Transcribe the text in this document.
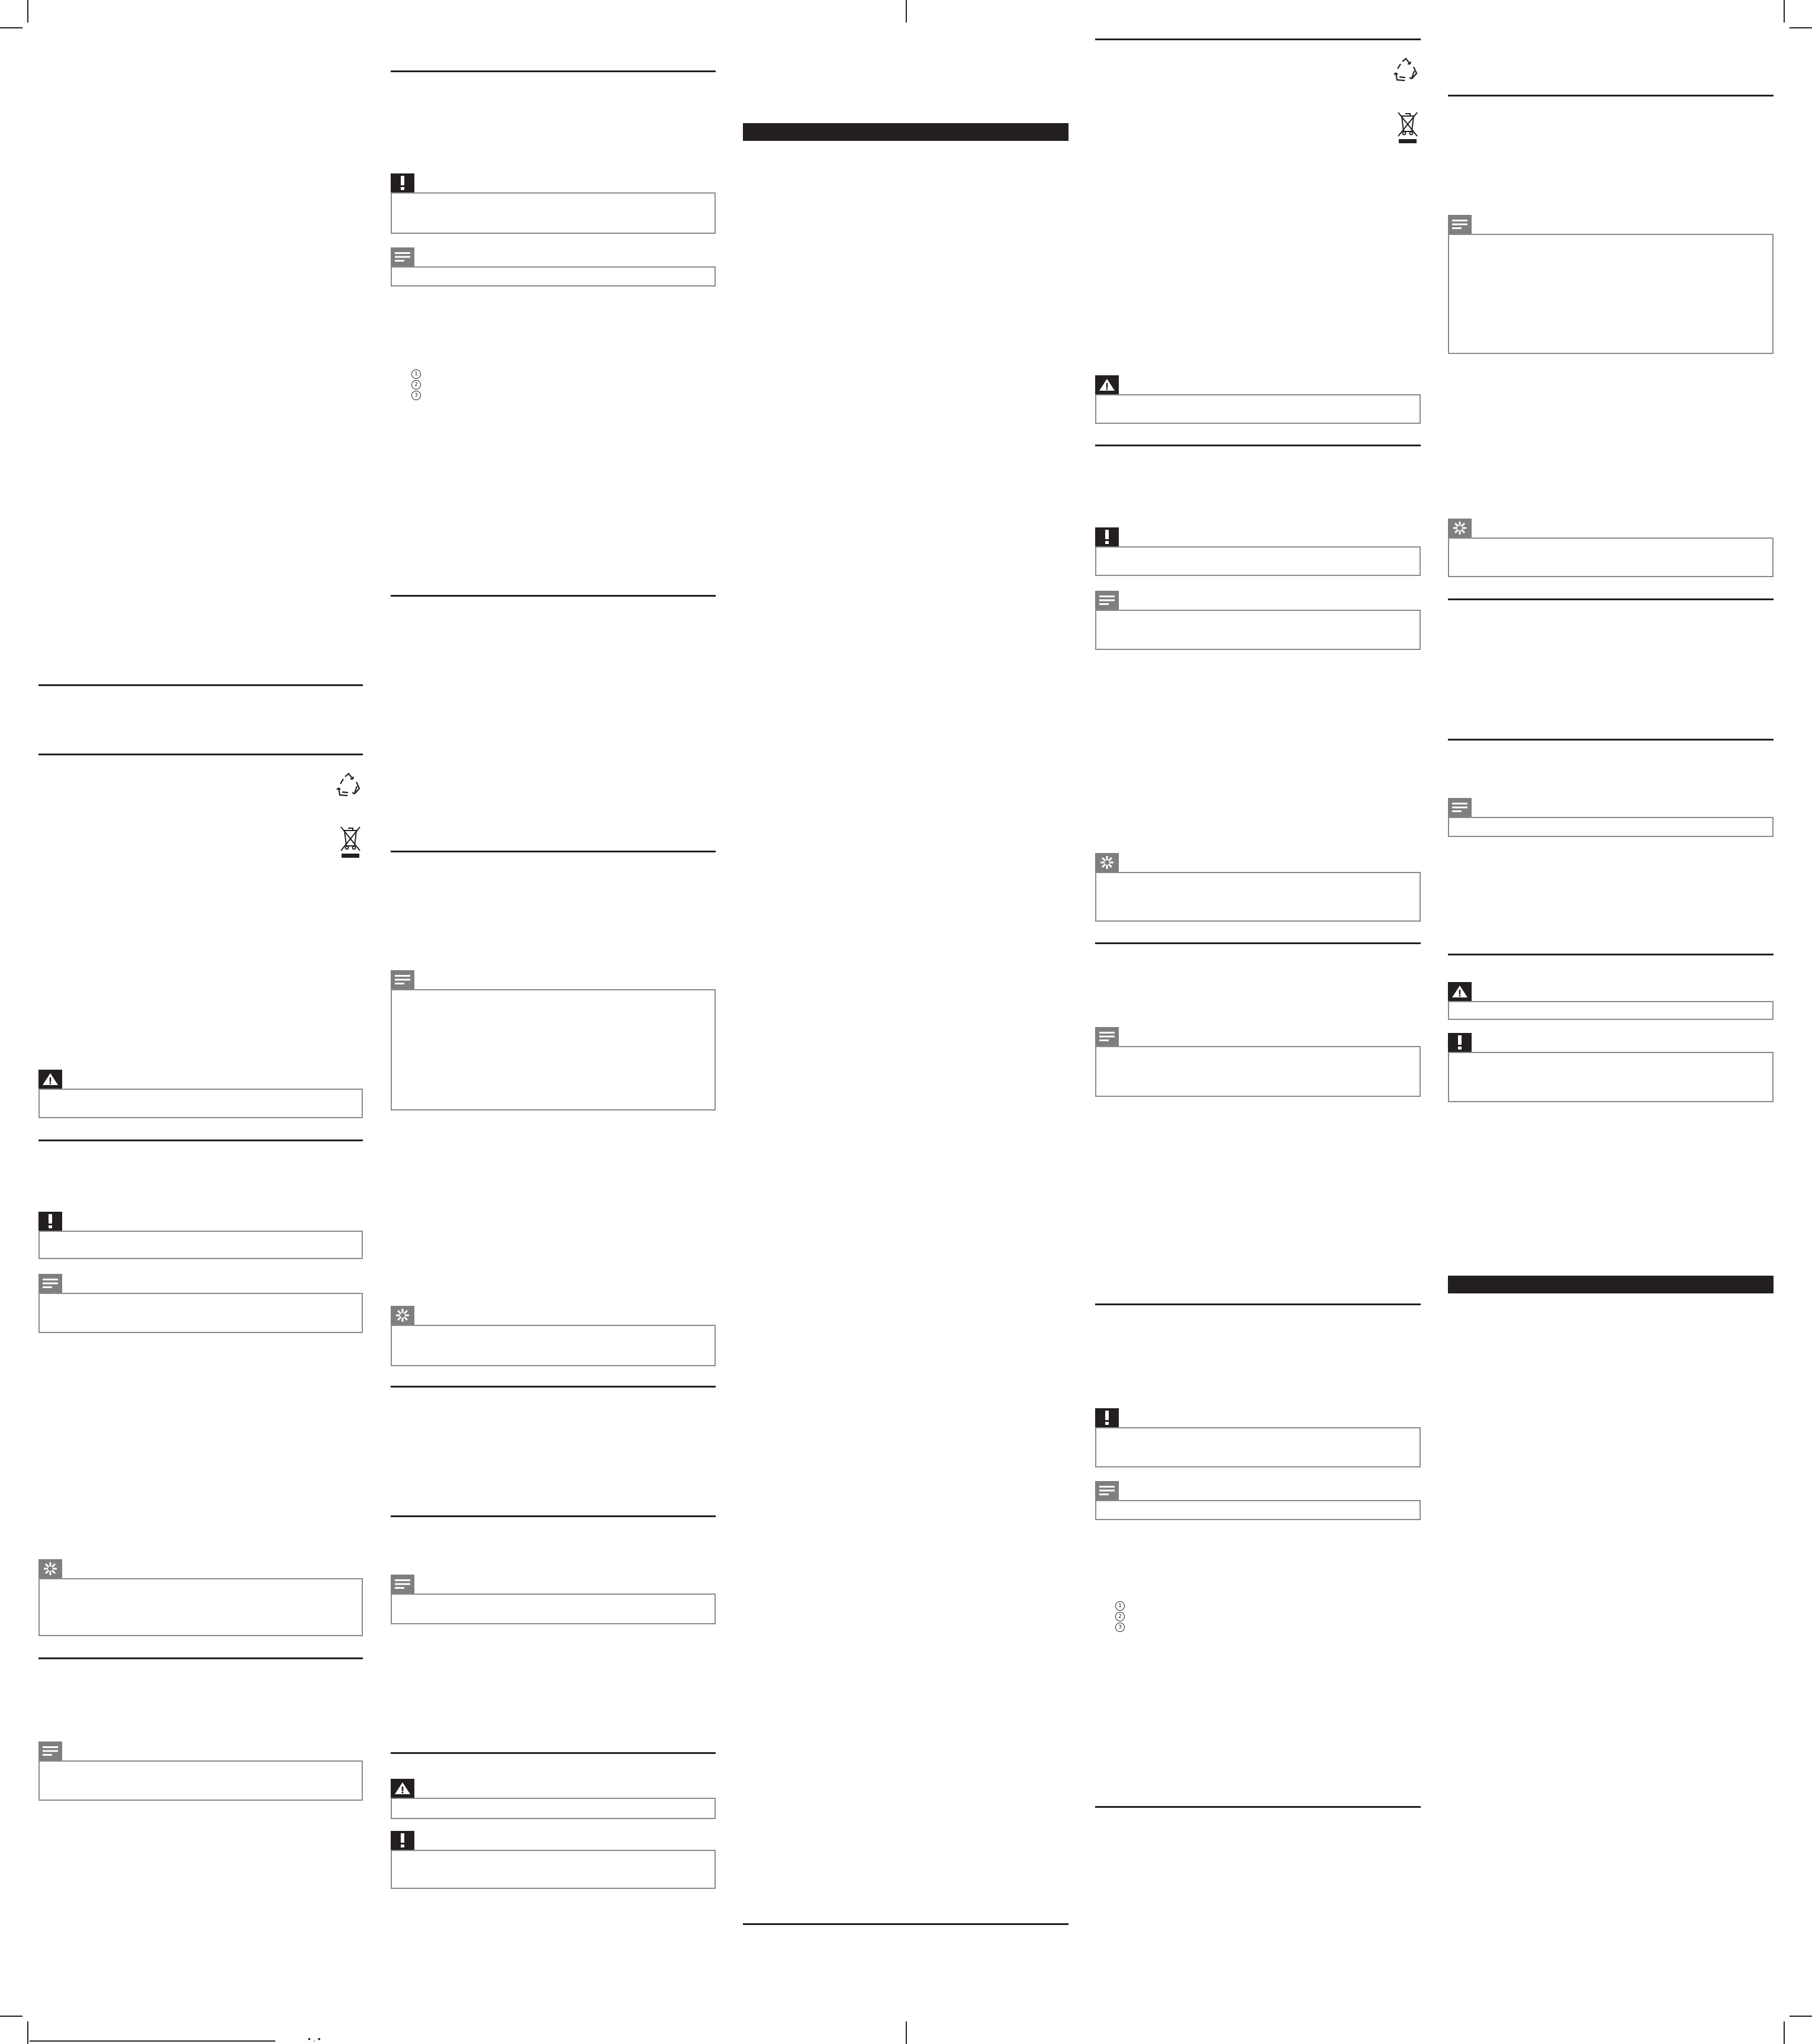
• . •
1
2
3
1
2
3
